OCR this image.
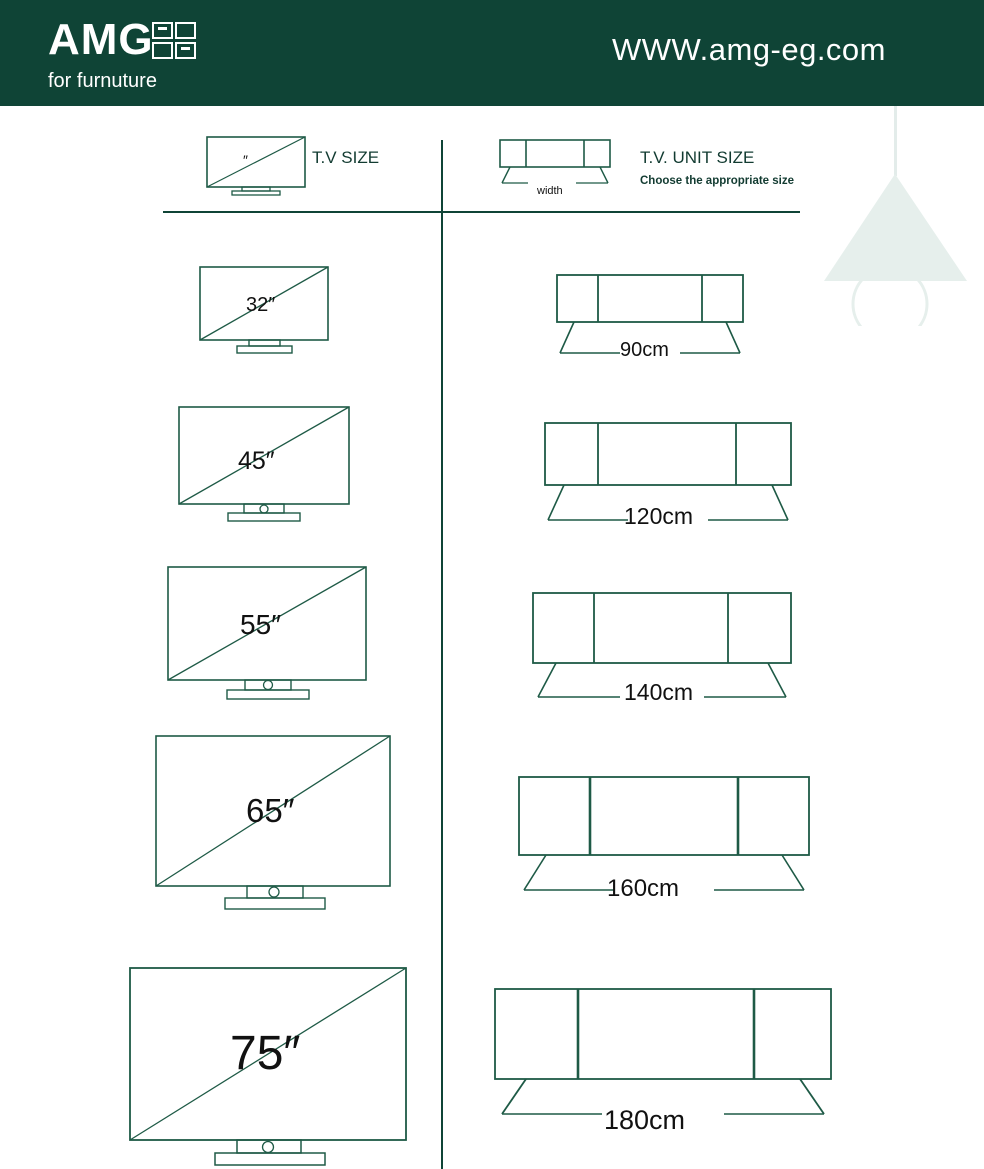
AMG
for furnuture
WWW.amg-eg.com
T.V SIZE	T.V. UNIT SIZE
Choose the appropriate size
″
width
32″
90cm
45″
120cm
55″
140cm
65″
160cm
75″
180cm
